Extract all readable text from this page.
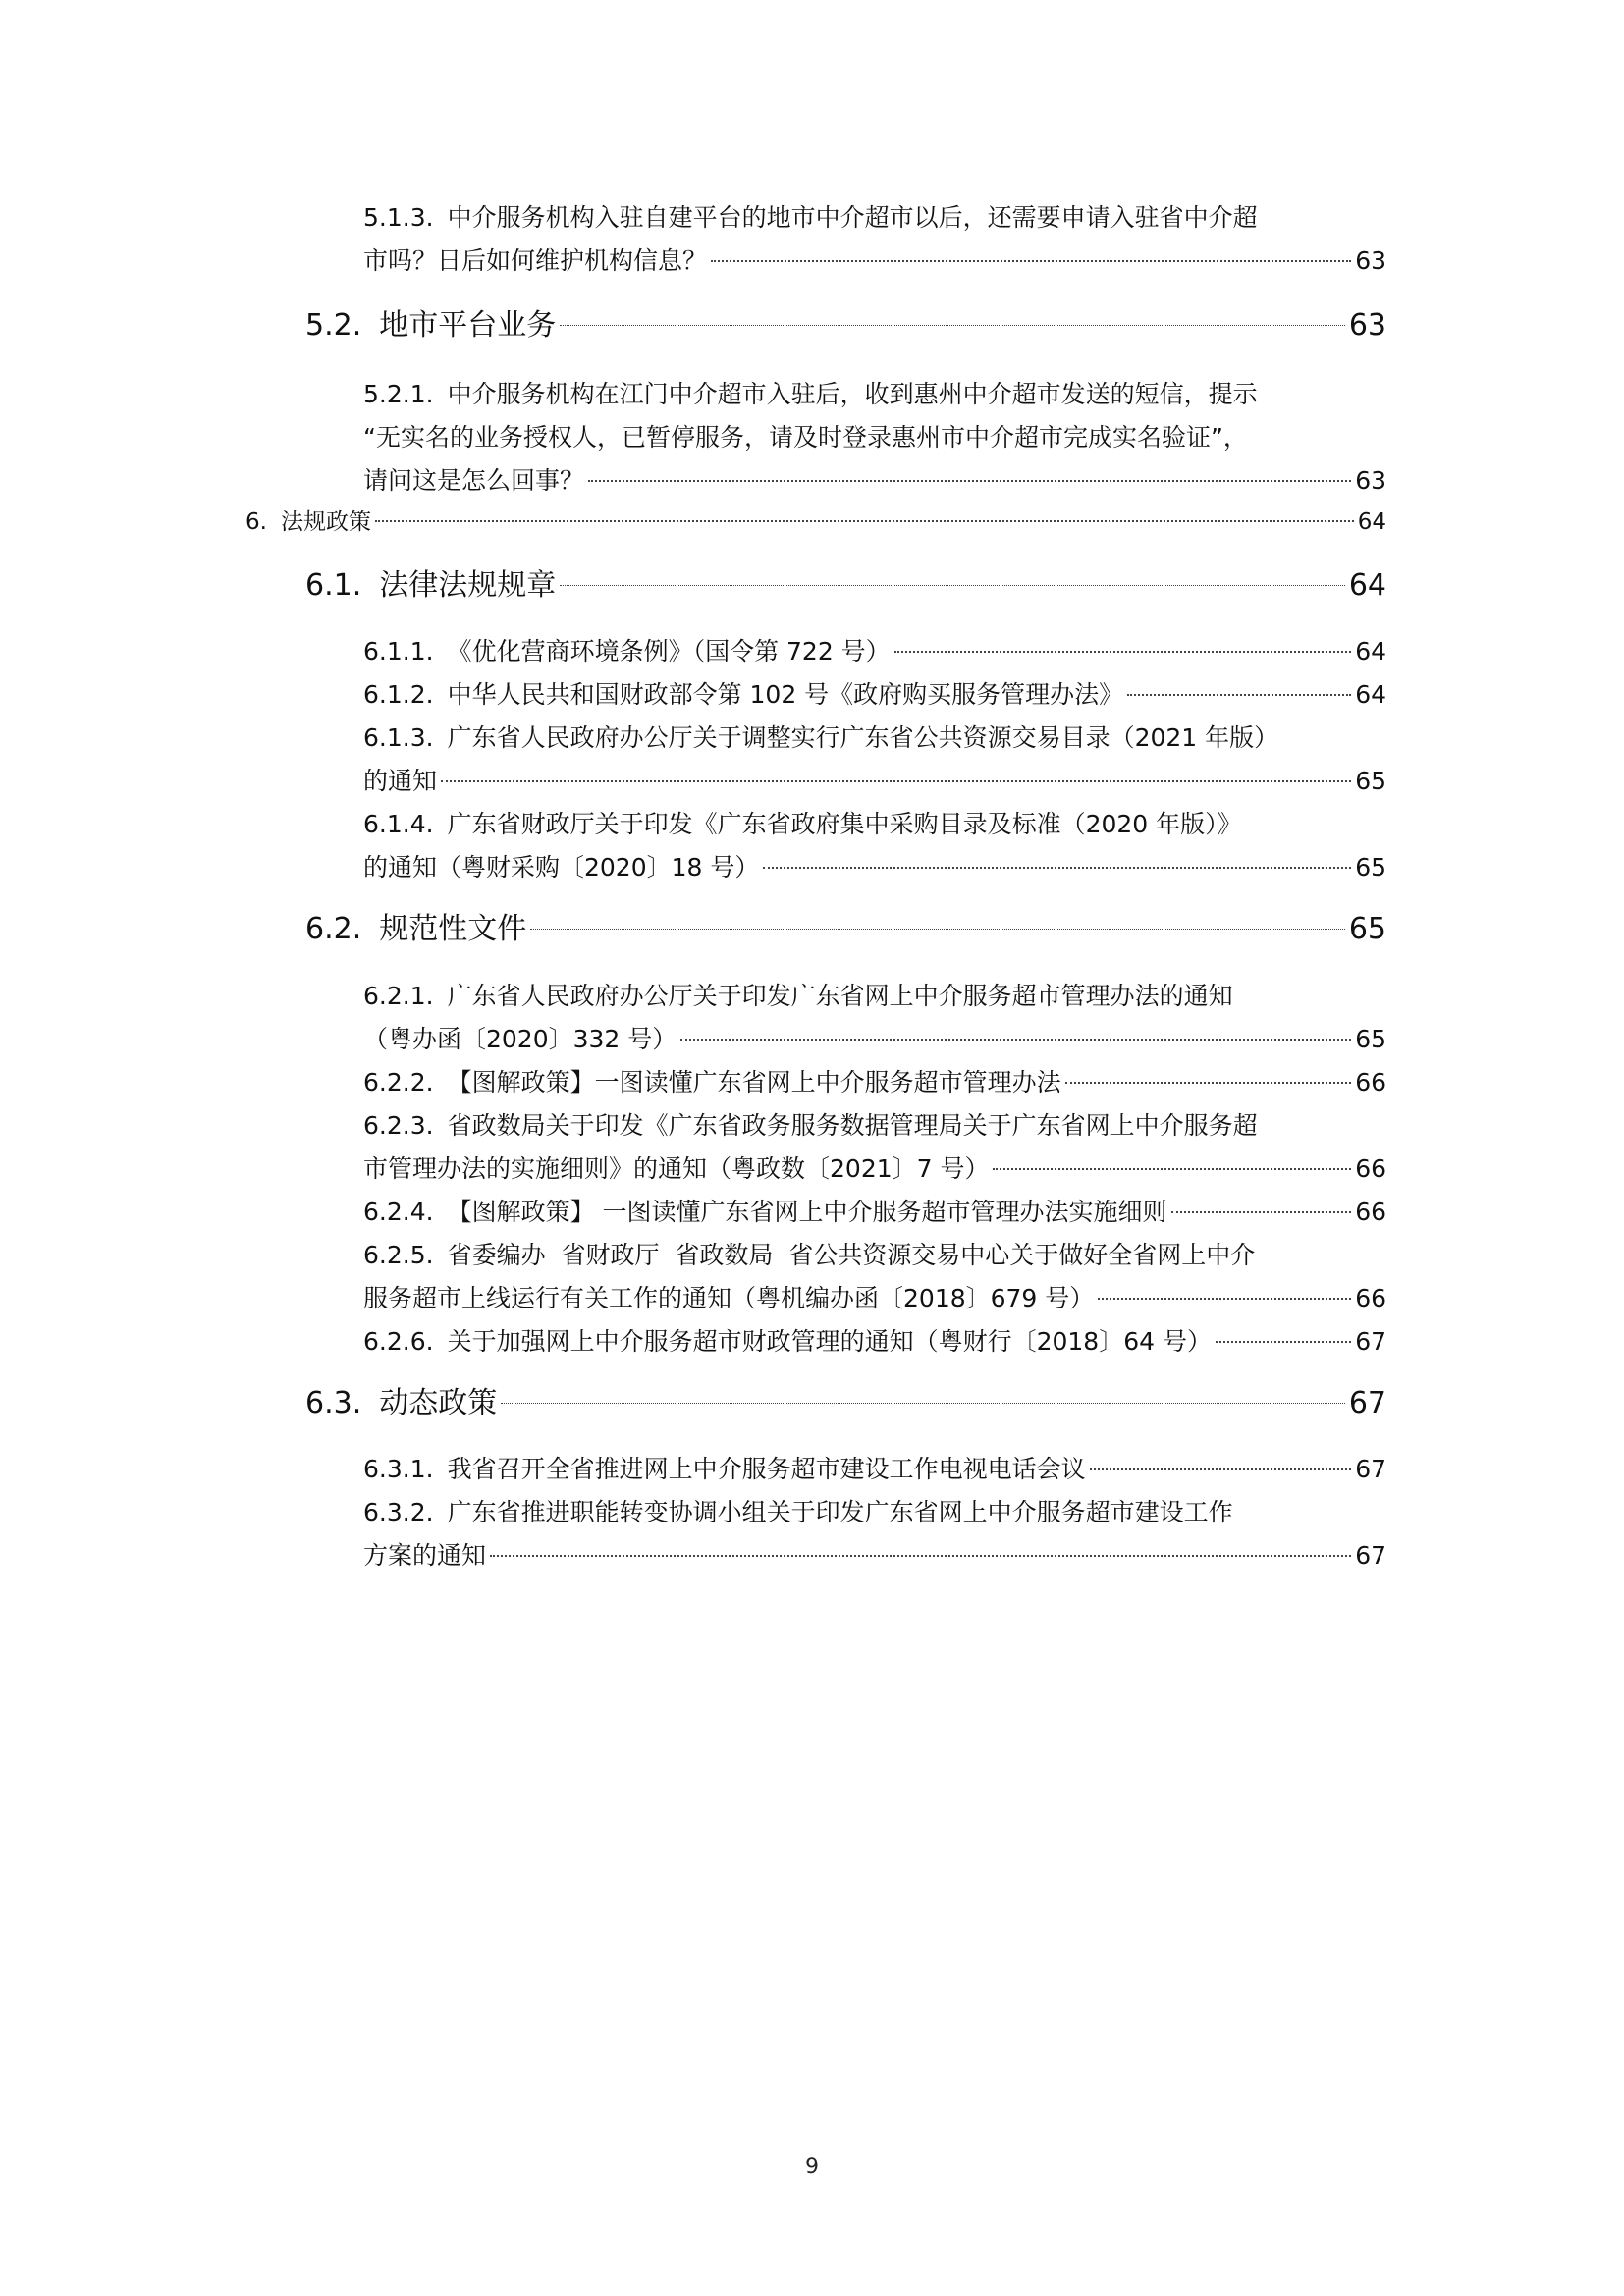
5.1.3. 中介服务机构入驻自建平台的地市中介超市以后，还需要申请入驻省中介超
市吗？日后如何维护机构信息？	63
5.2. 地市平台业务	63
5.2.1. 中介服务机构在江门中介超市入驻后，收到惠州中介超市发送的短信，提示
“无实名的业务授权人，已暂停服务，请及时登录惠州市中介超市完成实名验证”，
请问这是怎么回事？	63
6. 法规政策	64
6.1. 法律法规规章	64
6.1.1. 《优化营商环境条例》（国令第 722 号）	64
6.1.2. 中华人民共和国财政部令第 102 号《政府购买服务管理办法》	64
6.1.3. 广东省人民政府办公厅关于调整实行广东省公共资源交易目录（2021 年版）
的通知	65
6.1.4. 广东省财政厅关于印发《广东省政府集中采购目录及标准（2020 年版）》
的通知（粤财采购〔2020〕18 号）	65
6.2. 规范性文件	65
6.2.1. 广东省人民政府办公厅关于印发广东省网上中介服务超市管理办法的通知
（粤办函〔2020〕332 号）	65
6.2.2. 【图解政策】一图读懂广东省网上中介服务超市管理办法	66
6.2.3. 省政数局关于印发《广东省政务服务数据管理局关于广东省网上中介服务超
市管理办法的实施细则》的通知（粤政数〔2021〕7 号）	66
6.2.4. 【图解政策】 一图读懂广东省网上中介服务超市管理办法实施细则	66
6.2.5. 省委编办  省财政厅  省政数局  省公共资源交易中心关于做好全省网上中介
服务超市上线运行有关工作的通知（粤机编办函〔2018〕679 号）	66
6.2.6. 关于加强网上中介服务超市财政管理的通知（粤财行〔2018〕64 号）	67
6.3. 动态政策	67
6.3.1. 我省召开全省推进网上中介服务超市建设工作电视电话会议	67
6.3.2. 广东省推进职能转变协调小组关于印发广东省网上中介服务超市建设工作
方案的通知	67
9
